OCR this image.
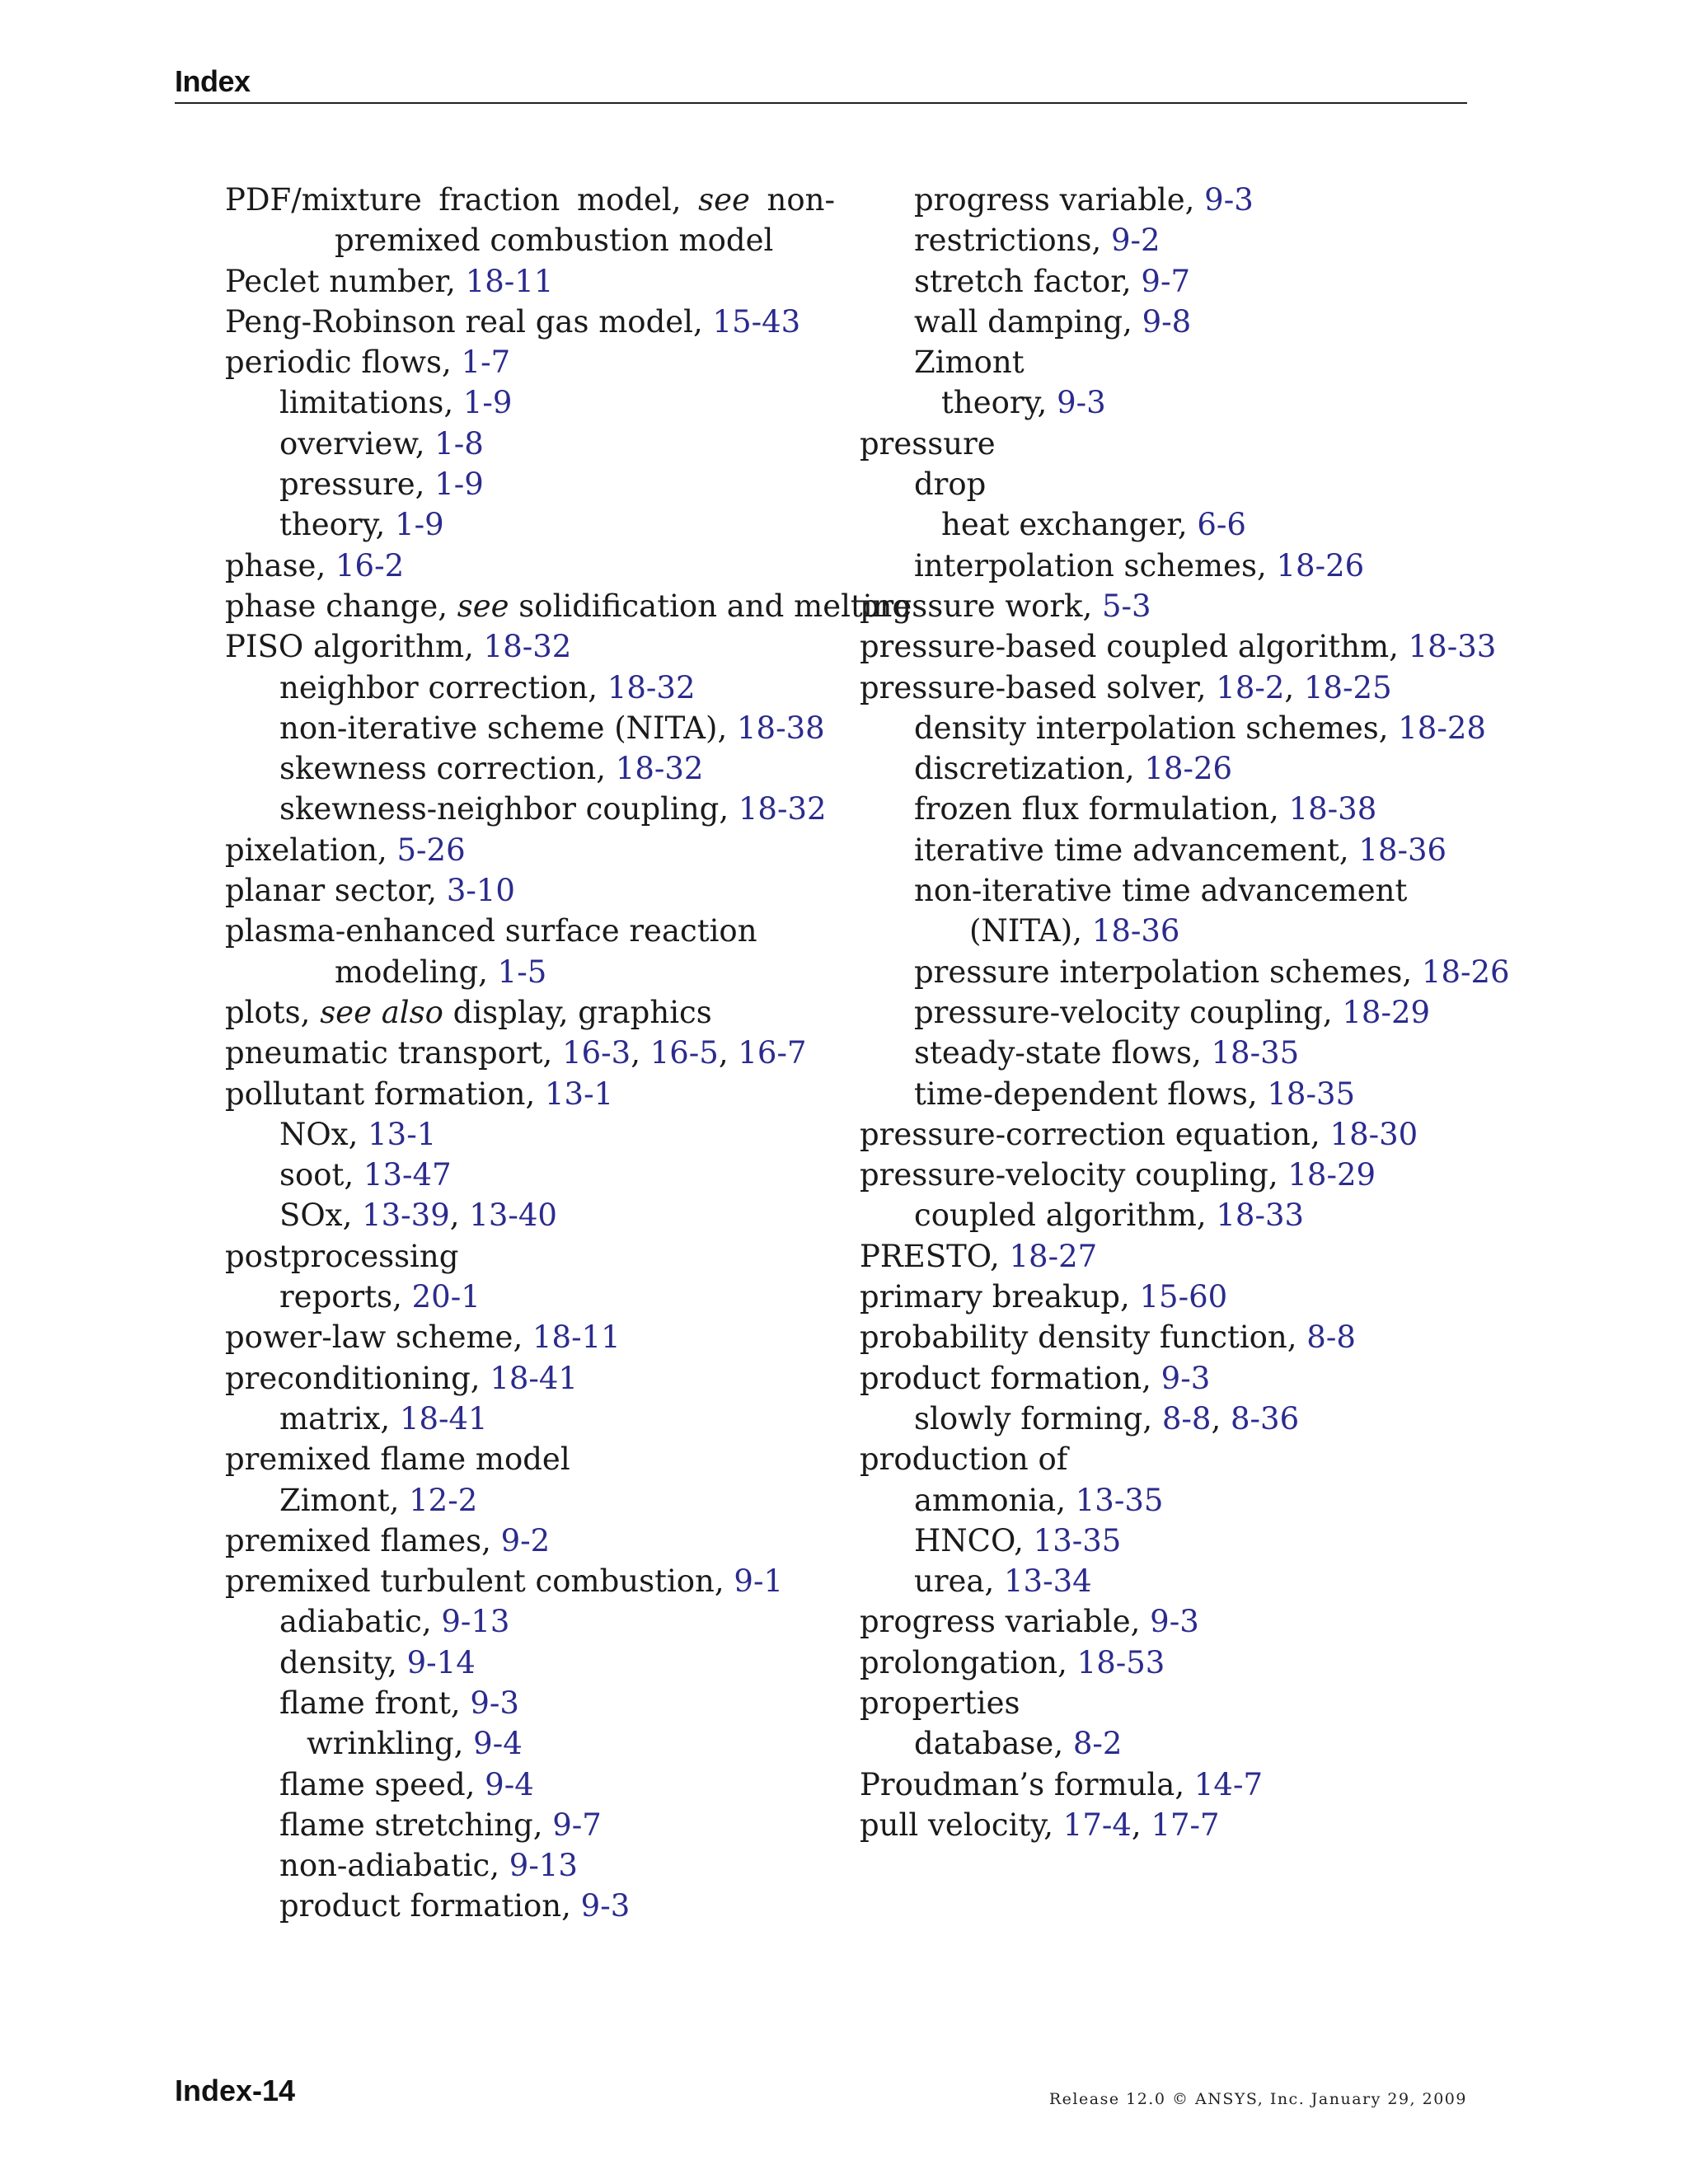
Index
PDF/mixture fraction model, see non-premixed combustion model
Peclet number, 18-11
Peng-Robinson real gas model, 15-43
periodic flows, 1-7
limitations, 1-9
overview, 1-8
pressure, 1-9
theory, 1-9
phase, 16-2
phase change, see solidification and melting
PISO algorithm, 18-32
neighbor correction, 18-32
non-iterative scheme (NITA), 18-38
skewness correction, 18-32
skewness-neighbor coupling, 18-32
pixelation, 5-26
planar sector, 3-10
plasma-enhanced surface reaction modeling, 1-5
plots, see also display, graphics
pneumatic transport, 16-3, 16-5, 16-7
pollutant formation, 13-1
NOx, 13-1
soot, 13-47
SOx, 13-39, 13-40
postprocessing
reports, 20-1
power-law scheme, 18-11
preconditioning, 18-41
matrix, 18-41
premixed flame model
Zimont, 12-2
premixed flames, 9-2
premixed turbulent combustion, 9-1
adiabatic, 9-13
density, 9-14
flame front, 9-3
wrinkling, 9-4
flame speed, 9-4
flame stretching, 9-7
non-adiabatic, 9-13
product formation, 9-3
progress variable, 9-3
restrictions, 9-2
stretch factor, 9-7
wall damping, 9-8
Zimont
theory, 9-3
pressure
drop
heat exchanger, 6-6
interpolation schemes, 18-26
pressure work, 5-3
pressure-based coupled algorithm, 18-33
pressure-based solver, 18-2, 18-25
density interpolation schemes, 18-28
discretization, 18-26
frozen flux formulation, 18-38
iterative time advancement, 18-36
non-iterative time advancement (NITA), 18-36
pressure interpolation schemes, 18-26
pressure-velocity coupling, 18-29
steady-state flows, 18-35
time-dependent flows, 18-35
pressure-correction equation, 18-30
pressure-velocity coupling, 18-29
coupled algorithm, 18-33
PRESTO, 18-27
primary breakup, 15-60
probability density function, 8-8
product formation, 9-3
slowly forming, 8-8, 8-36
production of
ammonia, 13-35
HNCO, 13-35
urea, 13-34
progress variable, 9-3
prolongation, 18-53
properties
database, 8-2
Proudman’s formula, 14-7
pull velocity, 17-4, 17-7
Index-14	Release 12.0 © ANSYS, Inc. January 29, 2009
